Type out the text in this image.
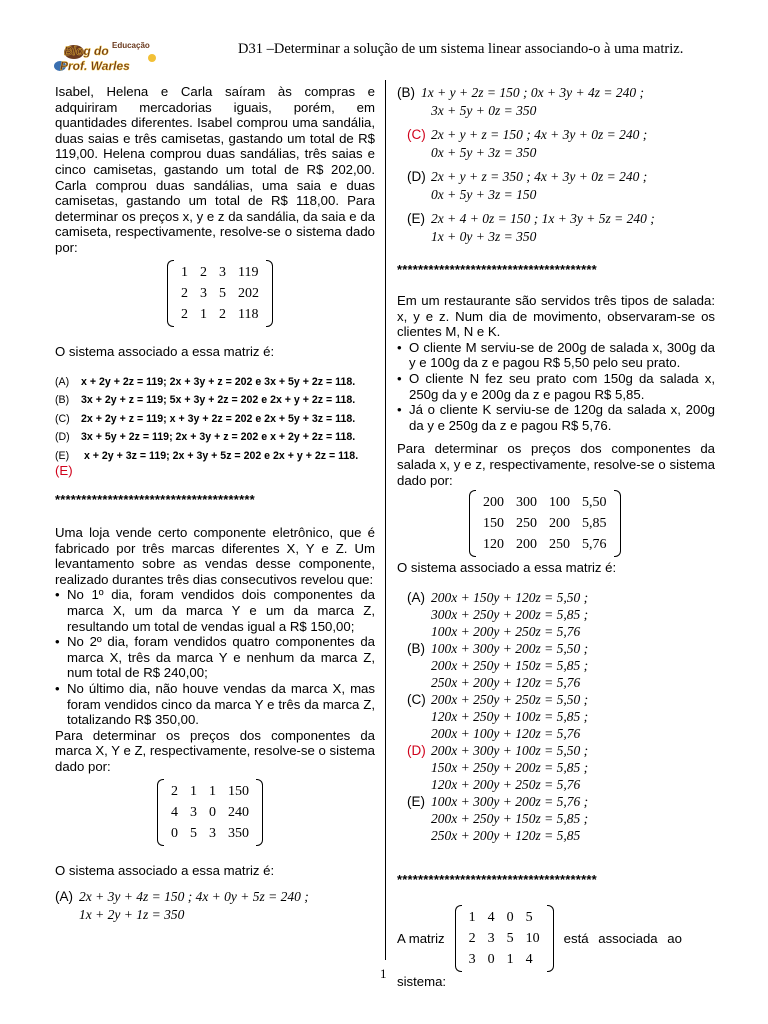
Blog do
Prof. Warles
Educação	D31 –Determinar a solução de um sistema linear associando-o à uma matriz.

Isabel, Helena e Carla saíram às compras e adquiriram mercadorias iguais, porém, em quantidades diferentes. Isabel comprou uma sandália, duas saias e três camisetas, gastando um total de R$ 119,00. Helena comprou duas sandálias, três saias e cinco camisetas, gastando um total de R$ 202,00. Carla comprou duas sandálias, uma saia e duas camisetas, gastando um total de R$ 118,00. Para determinar os preços x, y e z da sandália, da saia e da camiseta, respectivamente, resolve-se o sistema dado por:

1	2	3	119
2	3	5	202
2	1	2	118

O sistema associado a essa matriz é:

(A) x + 2y + 2z = 119; 2x + 3y + z = 202 e 3x + 5y + 2z = 118.
(B) 3x + 2y + z = 119; 5x + 3y + 2z = 202 e 2x + y + 2z = 118.
(C) 2x + 2y + z = 119; x + 3y + 2z = 202 e 2x + 5y + 3z = 118.
(D) 3x + 5y + 2z = 119; 2x + 3y + z = 202 e x + 2y + 2z = 118.
(E) x + 2y + 3z = 119; 2x + 3y + 5z = 202 e 2x + y + 2z = 118.

(E)

**************************************

Uma loja vende certo componente eletrônico, que é fabricado por três marcas diferentes X, Y e Z. Um levantamento sobre as vendas desse componente, realizado durantes três dias consecutivos revelou que:

• No 1º dia, foram vendidos dois componentes da marca X, um da marca Y e um da marca Z, resultando um total de vendas igual a R$ 150,00;
• No 2º dia, foram vendidos quatro componentes da marca X, três da marca Y e nenhum da marca Z, num total de R$ 240,00;
• No último dia, não houve vendas da marca X, mas foram vendidos cinco da marca Y e três da marca Z, totalizando R$ 350,00.

Para determinar os preços dos componentes da marca X, Y e Z, respectivamente, resolve-se o sistema dado por:

2	1	1	150
4	3	0	240
0	5	3	350

O sistema associado a essa matriz é:

(A) 2x + 3y + 4z = 150 ; 4x + 0y + 5z = 240 ;
1x + 2y + 1z = 350
(B) 1x + y + 2z = 150 ; 0x + 3y + 4z = 240 ;
3x + 5y + 0z = 350
(C) 2x + y + z = 150 ; 4x + 3y + 0z = 240 ;
0x + 5y + 3z = 350
(D) 2x + y + z = 350 ; 4x + 3y + 0z = 240 ;
0x + 5y + 3z = 150
(E) 2x + 4 + 0z = 150 ; 1x + 3y + 5z = 240 ;
1x + 0y + 3z = 350

**************************************

Em um restaurante são servidos três tipos de salada: x, y e z. Num dia de movimento, observaram-se os clientes M, N e K.

• O cliente M serviu-se de 200g de salada x, 300g da y e 100g da z e pagou R$ 5,50 pelo seu prato.
• O cliente N fez seu prato com 150g da salada x, 250g da y e 200g da z e pagou R$ 5,85.
• Já o cliente K serviu-se de 120g da salada x, 200g da y e 250g da z e pagou R$ 5,76.

Para determinar os preços dos componentes da salada x, y e z, respectivamente, resolve-se o sistema dado por:

200	300	100	5,50
150	250	200	5,85
120	200	250	5,76

O sistema associado a essa matriz é:

(A) 200x + 150y + 120z = 5,50 ;
300x + 250y + 200z = 5,85 ;
100x + 200y + 250z = 5,76
(B) 100x + 300y + 200z = 5,50 ;
200x + 250y + 150z = 5,85 ;
250x + 200y + 120z = 5,76
(C) 200x + 250y + 250z = 5,50 ;
120x + 250y + 100z = 5,85 ;
200x + 100y + 120z = 5,76
(D) 200x + 300y + 100z = 5,50 ;
150x + 250y + 200z = 5,85 ;
120x + 200y + 250z = 5,76
(E) 100x + 300y + 200z = 5,76 ;
200x + 250y + 150z = 5,85 ;
250x + 200y + 120z = 5,85

**************************************

A matriz
1	4	0	5
2	3	5	10
3	0	1	4
está associada ao

sistema:

1
